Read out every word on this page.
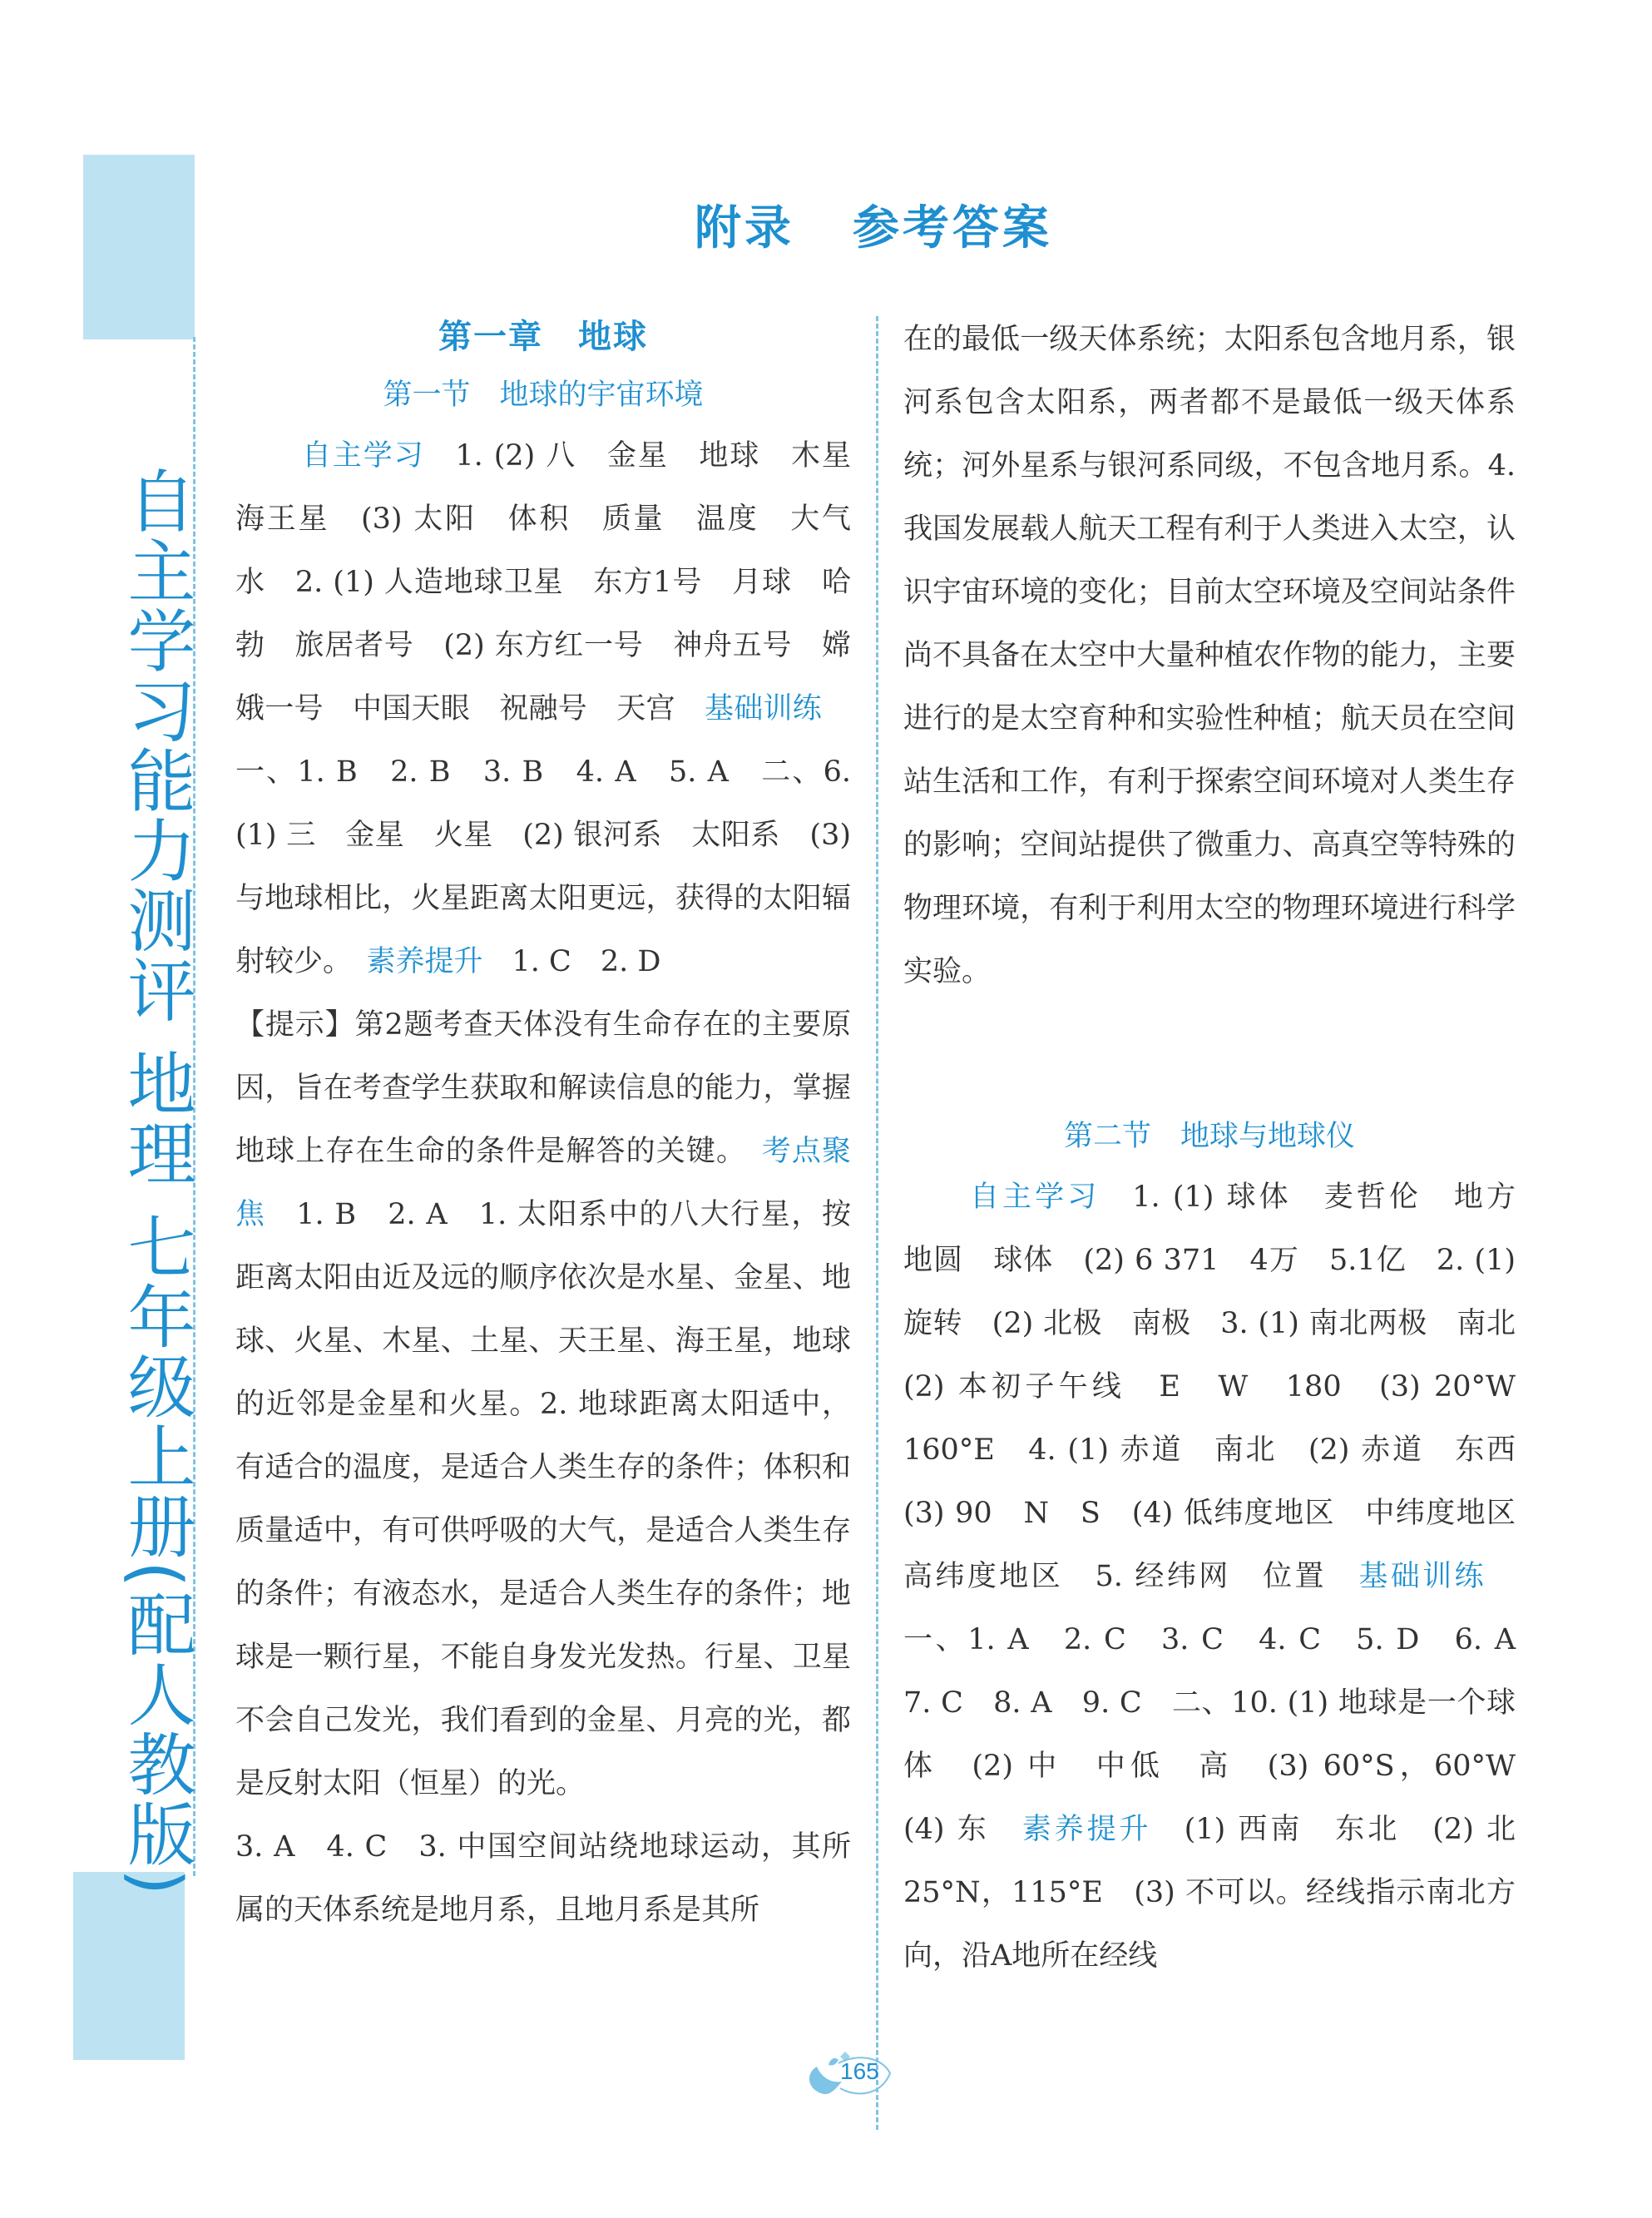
自主学习能力测评 地理 七年级上册(配人教版)
附录 参考答案
第一章　地球
第一节　地球的宇宙环境

自主学习　1. (2) 八　金星　地球　木星　海王星　(3) 太阳　体积　质量　温度　大气　水　2. (1) 人造地球卫星　东方1号　月球　哈勃　旅居者号　(2) 东方红一号　神舟五号　嫦娥一号　中国天眼　祝融号　天宫　基础训练　一、1. B　2. B　3. B　4. A　5. A　二、6. (1) 三　金星　火星　(2) 银河系　太阳系　(3) 与地球相比，火星距离太阳更远，获得的太阳辐射较少。　素养提升　1. C　2. D

【提示】第2题考查天体没有生命存在的主要原因，旨在考查学生获取和解读信息的能力，掌握地球上存在生命的条件是解答的关键。　考点聚焦　1. B　2. A　1. 太阳系中的八大行星，按距离太阳由近及远的顺序依次是水星、金星、地球、火星、木星、土星、天王星、海王星，地球的近邻是金星和火星。2. 地球距离太阳适中，有适合的温度，是适合人类生存的条件；体积和质量适中，有可供呼吸的大气，是适合人类生存的条件；有液态水，是适合人类生存的条件；地球是一颗行星，不能自身发光发热。行星、卫星不会自己发光，我们看到的金星、月亮的光，都是反射太阳（恒星）的光。

3. A　4. C　3. 中国空间站绕地球运动，其所属的天体系统是地月系，且地月系是其所

在的最低一级天体系统；太阳系包含地月系，银河系包含太阳系，两者都不是最低一级天体系统；河外星系与银河系同级，不包含地月系。4. 我国发展载人航天工程有利于人类进入太空，认识宇宙环境的变化；目前太空环境及空间站条件尚不具备在太空中大量种植农作物的能力，主要进行的是太空育种和实验性种植；航天员在空间站生活和工作，有利于探索空间环境对人类生存的影响；空间站提供了微重力、高真空等特殊的物理环境，有利于利用太空的物理环境进行科学实验。

第二节　地球与地球仪

自主学习　1. (1) 球体　麦哲伦　地方　地圆　球体　(2) 6 371　4万　5.1亿　2. (1) 旋转　(2) 北极　南极　3. (1) 南北两极　南北　(2) 本初子午线　E　W　180　(3) 20°W　160°E　4. (1) 赤道　南北　(2) 赤道　东西　(3) 90　N　S　(4) 低纬度地区　中纬度地区　高纬度地区　5. 经纬网　位置　基础训练　一、1. A　2. C　3. C　4. C　5. D　6. A　7. C　8. A　9. C　二、10. (1) 地球是一个球体　(2) 中　中低　高　(3) 60°S，60°W　(4) 东　素养提升　(1) 西南　东北　(2) 北　25°N，115°E　(3) 不可以。经线指示南北方向，沿A地所在经线

165
